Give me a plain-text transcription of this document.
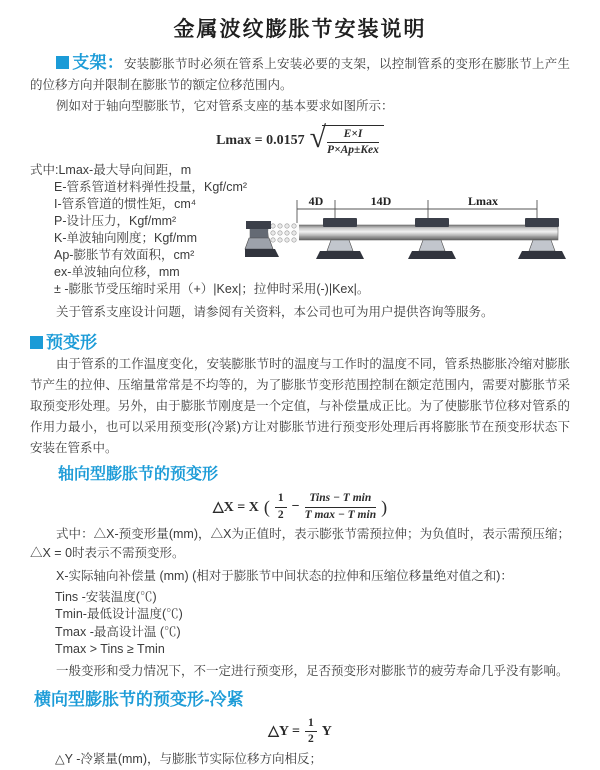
金属波纹膨胀节安装说明

支架：安装膨胀节时必须在管系上安装必要的支架，以控制管系的变形在膨胀节上产生的位移方向并限制在膨胀节的额定位移范围内。

例如对于轴向型膨胀节，它对管系支座的基本要求如图所示：

Lmax = 0.0157 √ $\frac{E\times I}{\text{P×Ap±Kex}}$
式中:Lmax-最大导向间距，m
E-管系管道材料弹性投量，Kgf/cm²
I-管系管道的惯性矩，cm⁴
P-设计压力，Kgf/mm²
K-单波轴向刚度；Kgf/mm
Ap-膨胀节有效面积，cm²
ex-单波轴向位移，mm
± -膨胀节受压缩时采用（+）|Kex|；拉伸时采用(-)|Kex|。

关于管系支座设计问题，请参阅有关资料，本公司也可为用户提供咨询等服务。

预变形

由于管系的工作温度变化，安装膨胀节时的温度与工作时的温度不同，管系热膨胀冷缩对膨胀节产生的拉伸、压缩量常常是不均等的，为了膨胀节变形范围控制在额定范围内，需要对膨胀节采取预变形处理。另外，由于膨胀节刚度是一个定值，与补偿量成正比。为了使膨胀节位移对管系的作用力最小，也可以采用预变形(冷紧)方让对膨胀节进行预变形处理后再将膨胀节在预变形状态下安装在管系中。

轴向型膨胀节的预变形
△X = X ( $\frac{1}{2} - \frac{\text{Tins − T min}}{\text{T max − T min}}$ )

式中：△X-预变形量(mm)，△X为正值时，表示膨张节需预拉伸；为负值时，表示需预压缩；△X = 0时表示不需预变形。

X-实际轴向补偿量 (mm) (相对于膨胀节中间状态的拉伸和压缩位移量绝对值之和)：

Tins -安装温度(℃)
Tmin-最低设计温度(℃)
Tmax -最高设计温 (℃)
Tmax > Tins ≥ Tmin

一般变形和受力情况下，不一定进行预变形，足否预变形对膨胀节的疲劳寿命几乎没有影响。

横向型膨胀节的预变形-冷紧
△Y = $\frac{1}{2}$ Y

△Y -冷紧量(mm)，与膨胀节实际位移方向相反；

4D	14D	Lmax
